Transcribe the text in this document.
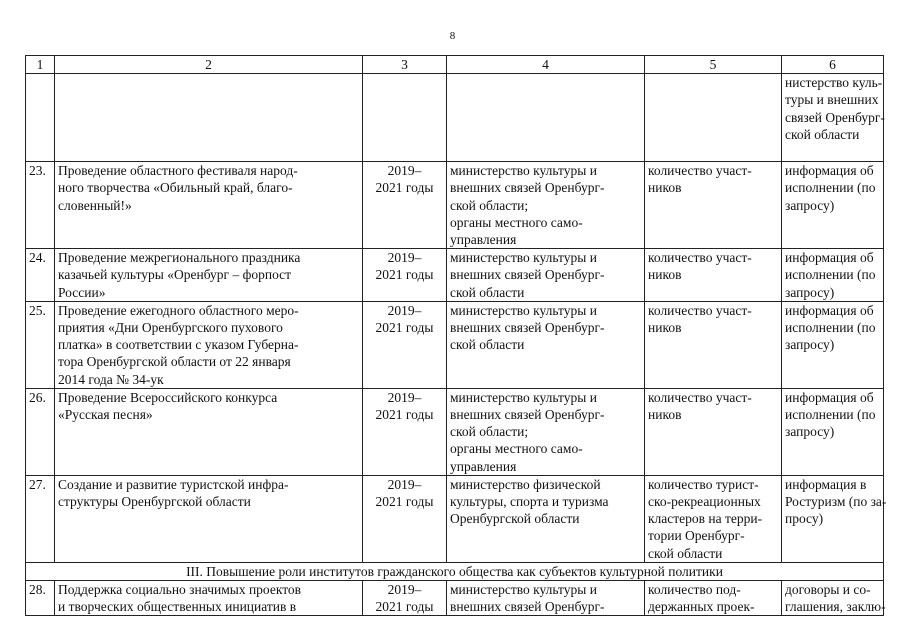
8
1	2	3	4	5	6

					нистерство куль-
туры и внешних
связей Оренбург-
ской области

23.	Проведение областного фестиваля народ-
ного творчества «Обильный край, благо-
словенный!»	2019–
2021 годы	министерство культуры и
внешних связей Оренбург-
ской области;
органы местного само-
управления	количество участ-
ников	информация об
исполнении (по
запросу)

24.	Проведение межрегионального праздника
казачьей культуры «Оренбург – форпост
России»	2019–
2021 годы	министерство культуры и
внешних связей Оренбург-
ской области	количество участ-
ников	информация об
исполнении (по
запросу)

25.	Проведение ежегодного областного меро-
приятия «Дни Оренбургского пухового
платка» в соответствии с указом Губерна-
тора Оренбургской области от 22 января
2014 года № 34-ук	2019–
2021 годы	министерство культуры и
внешних связей Оренбург-
ской области	количество участ-
ников	информация об
исполнении (по
запросу)

26.	Проведение Всероссийского конкурса
«Русская песня»	2019–
2021 годы	министерство культуры и
внешних связей Оренбург-
ской области;
органы местного само-
управления	количество участ-
ников	информация об
исполнении (по
запросу)

27.	Создание и развитие туристской инфра-
структуры Оренбургской области	2019–
2021 годы	министерство физической
культуры, спорта и туризма
Оренбургской области	количество турист-
ско-рекреационных
кластеров на терри-
тории Оренбург-
ской области	информация в
Ростуризм (по за-
просу)

III. Повышение роли институтов гражданского общества как субъектов культурной политики					

28.	Поддержка социально значимых проектов
и творческих общественных инициатив в	2019–
2021 годы	министерство культуры и
внешних связей Оренбург-	количество под-
держанных проек-	договоры и со-
глашения, заклю-
